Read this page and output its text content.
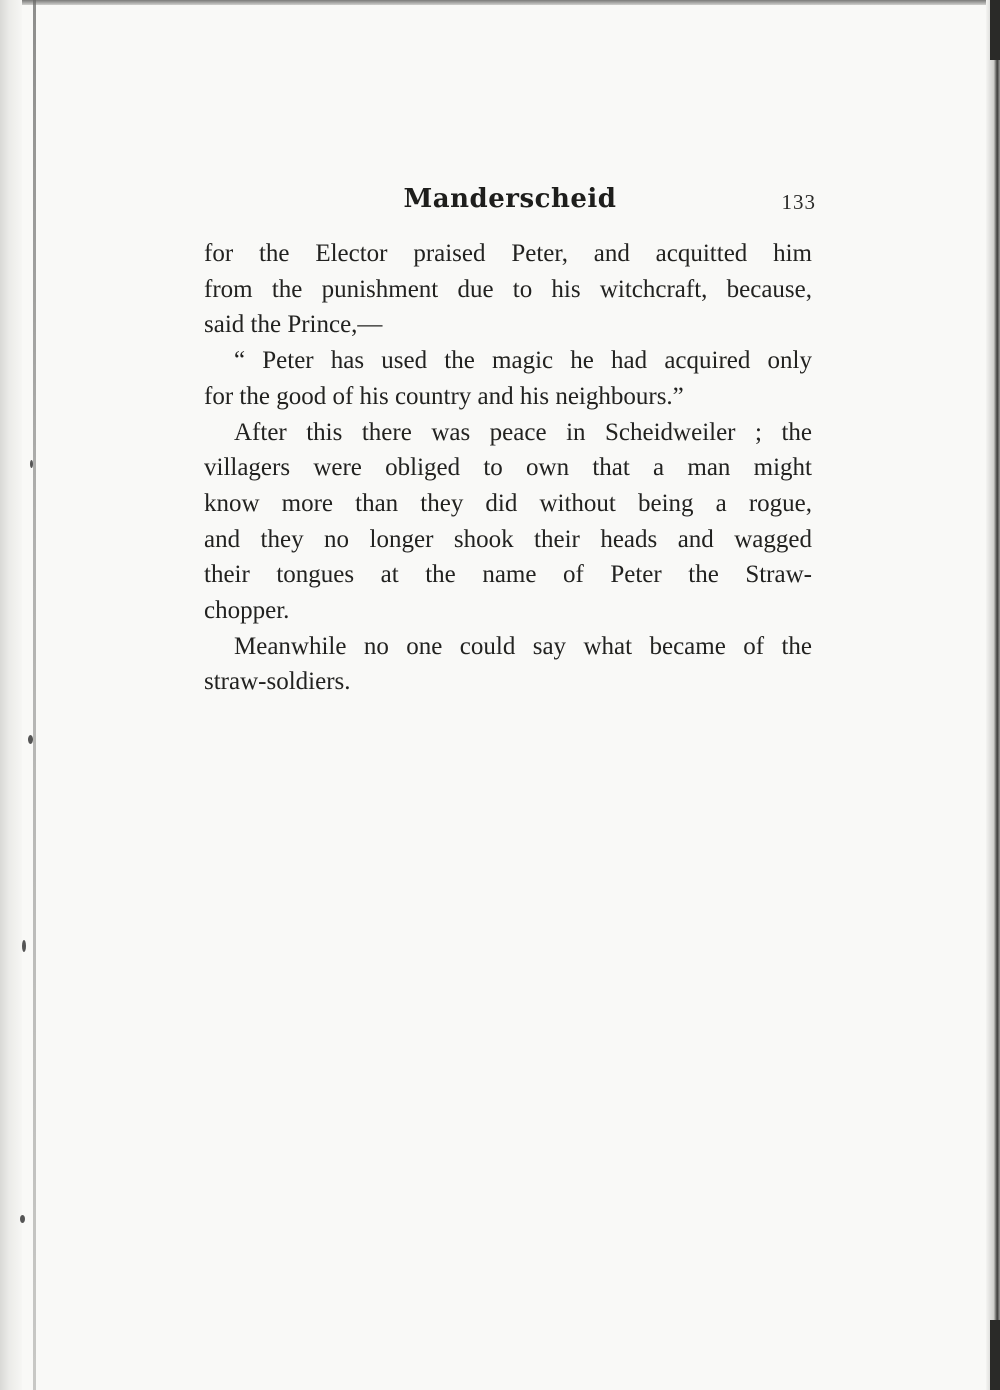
Manderscheid	133

for the Elector praised Peter, and acquitted him
from the punishment due to his witchcraft, because,
said the Prince,—

“ Peter has used the magic he had acquired only
for the good of his country and his neighbours.”

After this there was peace in Scheidweiler ; the
villagers were obliged to own that a man might
know more than they did without being a rogue,
and they no longer shook their heads and wagged
their tongues at the name of Peter the Straw-
chopper.

Meanwhile no one could say what became of the
straw-soldiers.
